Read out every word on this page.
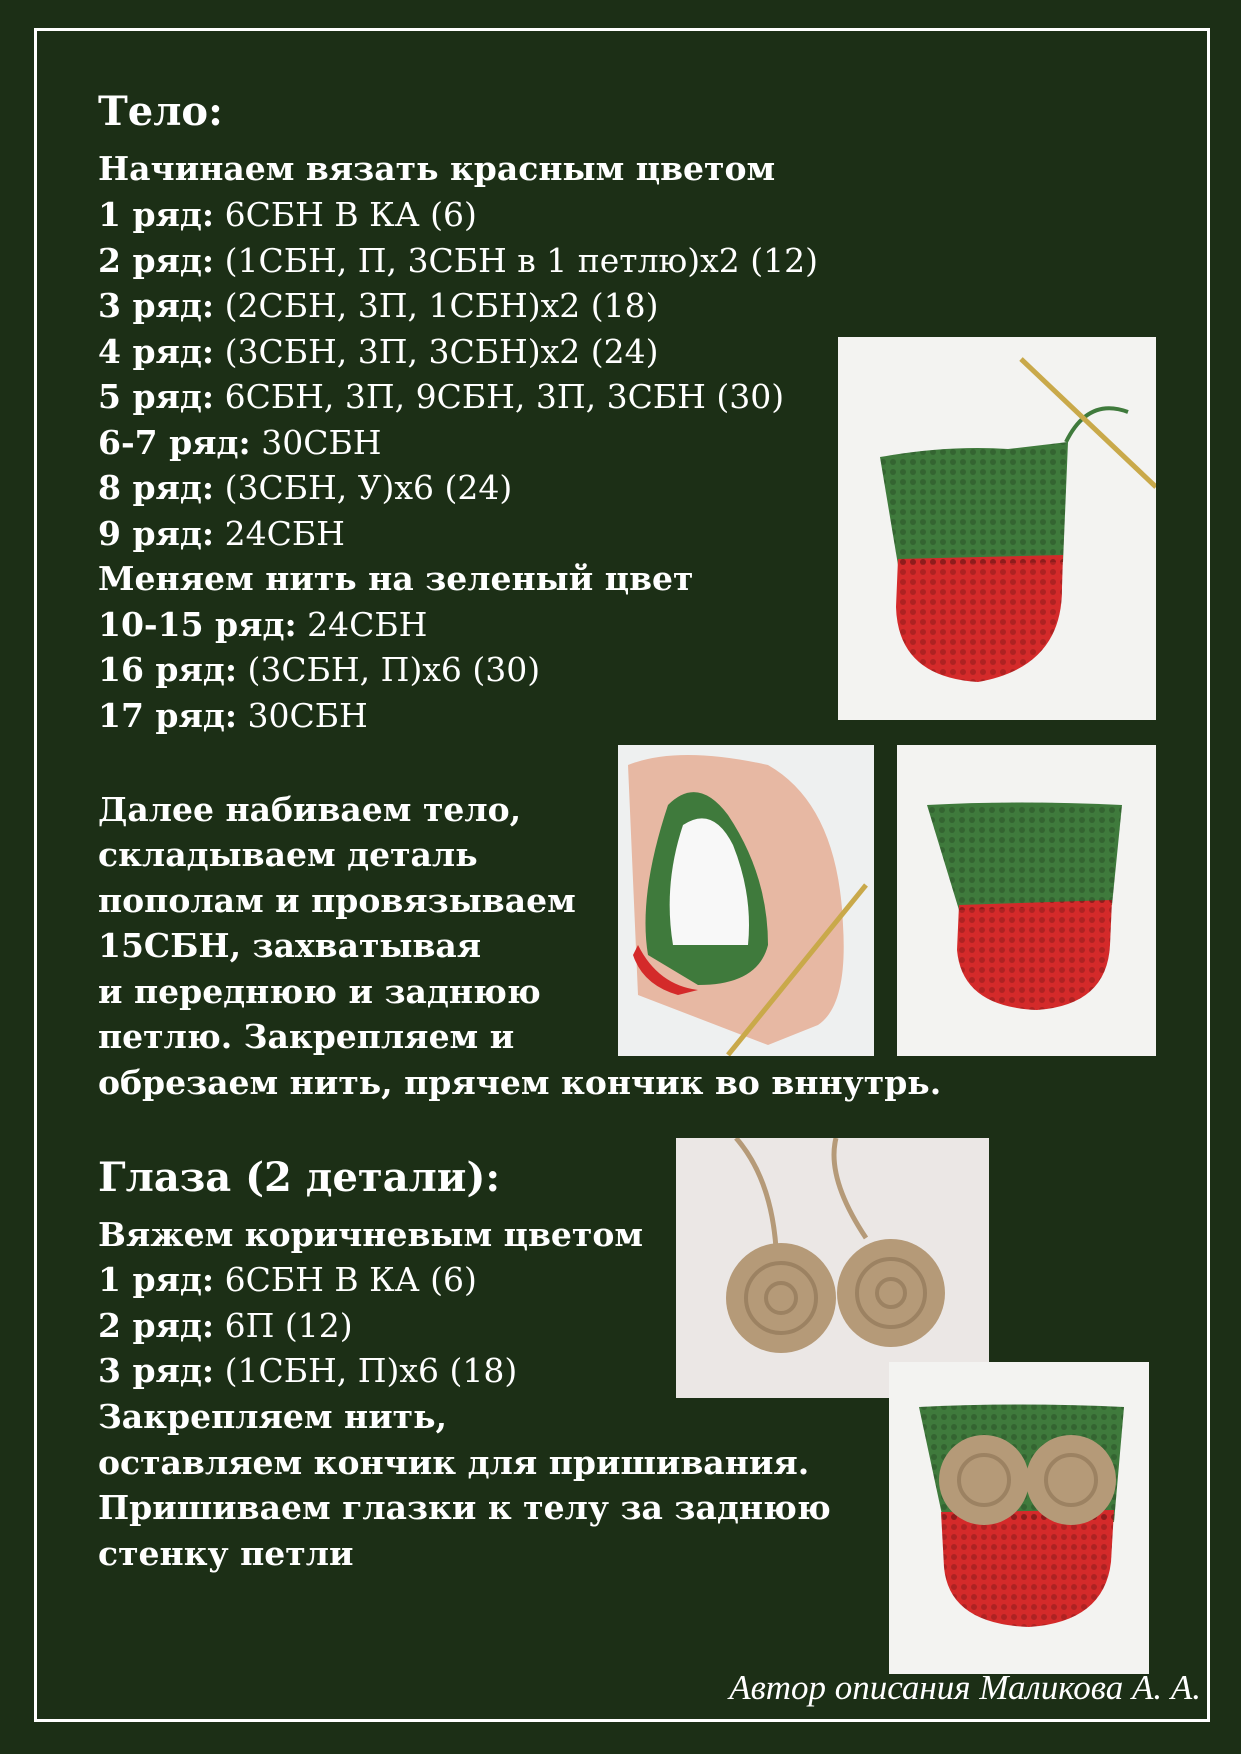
Тело:
Начинаем вязать красным цветом
1 ряд: 6СБН В КА (6)
2 ряд: (1СБН, П, 3СБН в 1 петлю)х2 (12)
3 ряд: (2СБН, 3П, 1СБН)х2 (18)
4 ряд: (3СБН, 3П, 3СБН)х2 (24)
5 ряд: 6СБН, 3П, 9СБН, 3П, 3СБН (30)
6-7 ряд: 30СБН
8 ряд: (3СБН, У)х6 (24)
9 ряд: 24СБН
Меняем нить на зеленый цвет
10-15 ряд: 24СБН
16 ряд: (3СБН, П)х6 (30)
17 ряд: 30СБН
Далее набиваем тело,
складываем деталь
пополам и провязываем
15СБН, захватывая
и переднюю и заднюю
петлю. Закрепляем и
обрезаем нить, прячем кончик во вннутрь.
Глаза (2 детали):
Вяжем коричневым цветом
1 ряд: 6СБН В КА (6)
2 ряд: 6П (12)
3 ряд: (1СБН, П)х6 (18)
Закрепляем нить,
оставляем кончик для пришивания.
Пришиваем глазки к телу за заднюю
стенку петли
Автор описания Маликова А. А.
